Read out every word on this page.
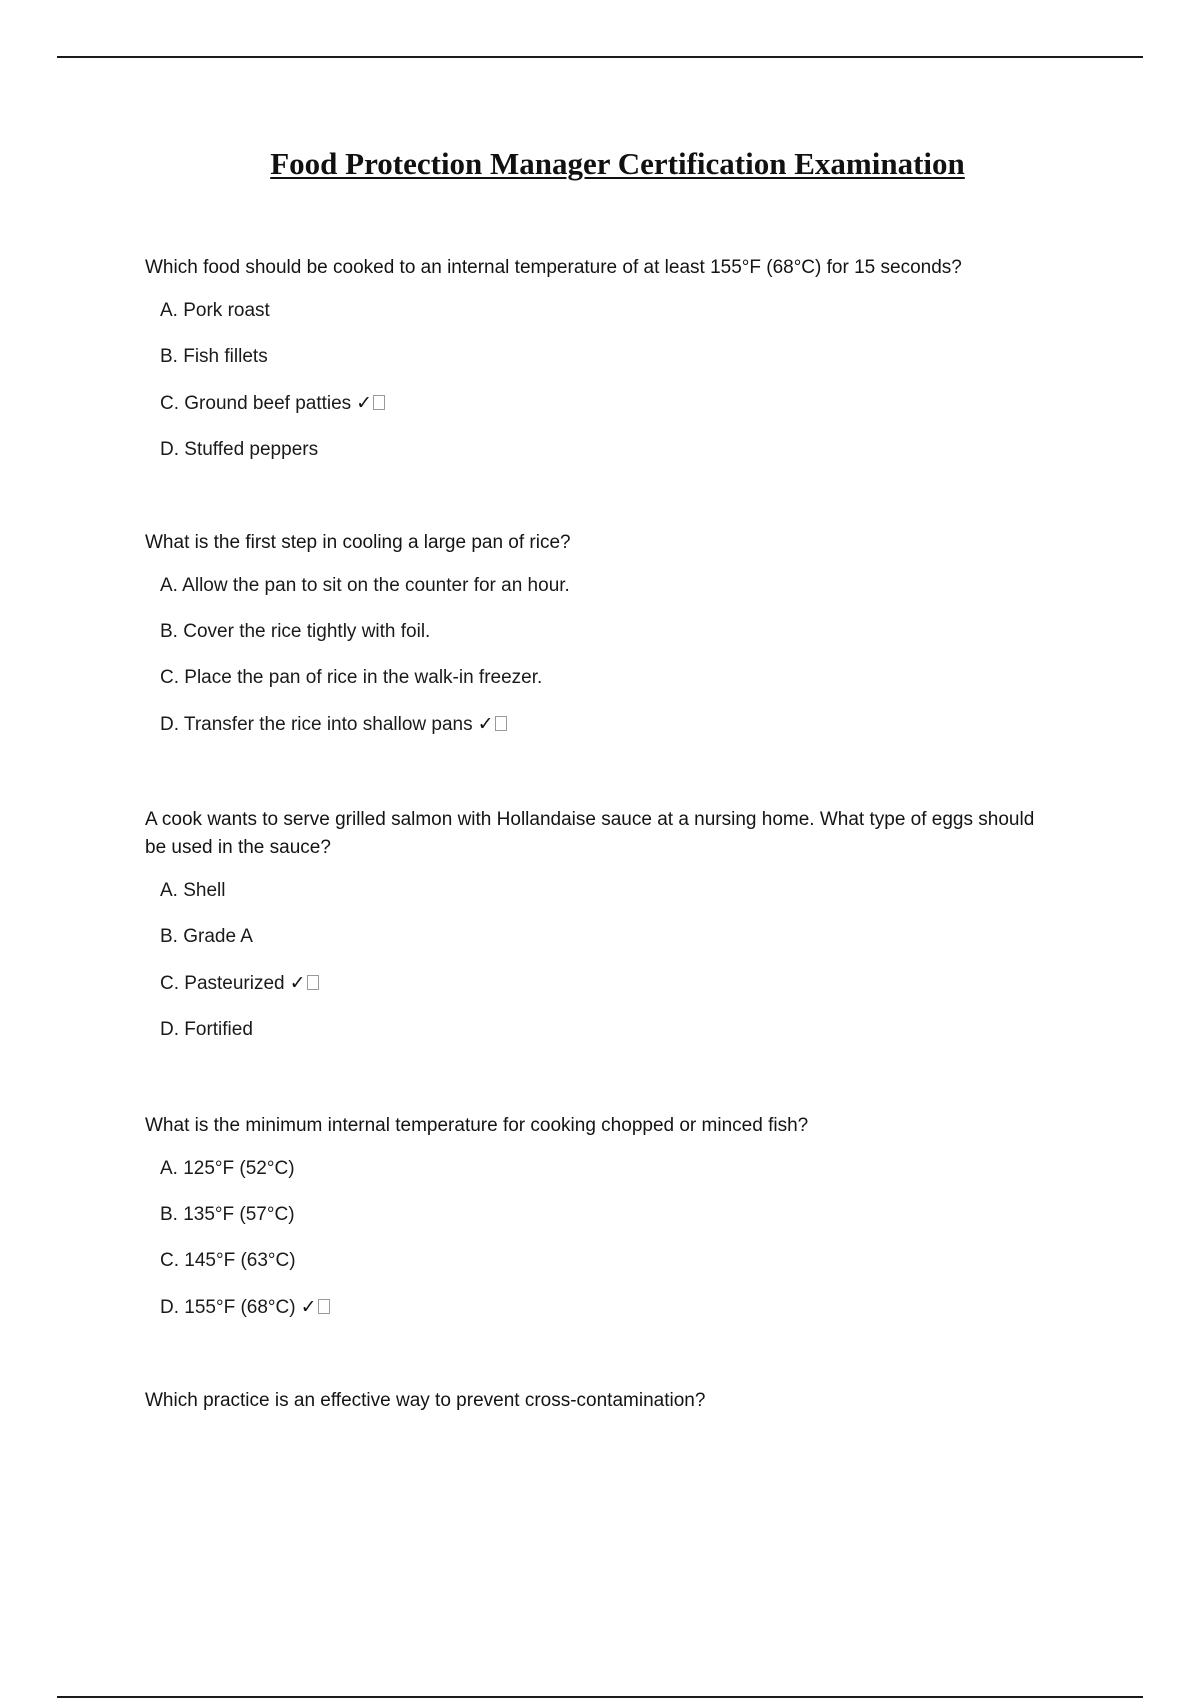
Food Protection Manager Certification Examination

Which food should be cooked to an internal temperature of at least 155°F (68°C) for 15 seconds?

A. Pork roast
B. Fish fillets
C. Ground beef patties ✓
D. Stuffed peppers

What is the first step in cooling a large pan of rice?

A. Allow the pan to sit on the counter for an hour.
B. Cover the rice tightly with foil.
C. Place the pan of rice in the walk-in freezer.
D. Transfer the rice into shallow pans ✓

A cook wants to serve grilled salmon with Hollandaise sauce at a nursing home. What type of eggs should be used in the sauce?

A. Shell
B. Grade A
C. Pasteurized ✓
D. Fortified

What is the minimum internal temperature for cooking chopped or minced fish?

A. 125°F (52°C)
B. 135°F (57°C)
C. 145°F (63°C)
D. 155°F (68°C) ✓

Which practice is an effective way to prevent cross-contamination?
